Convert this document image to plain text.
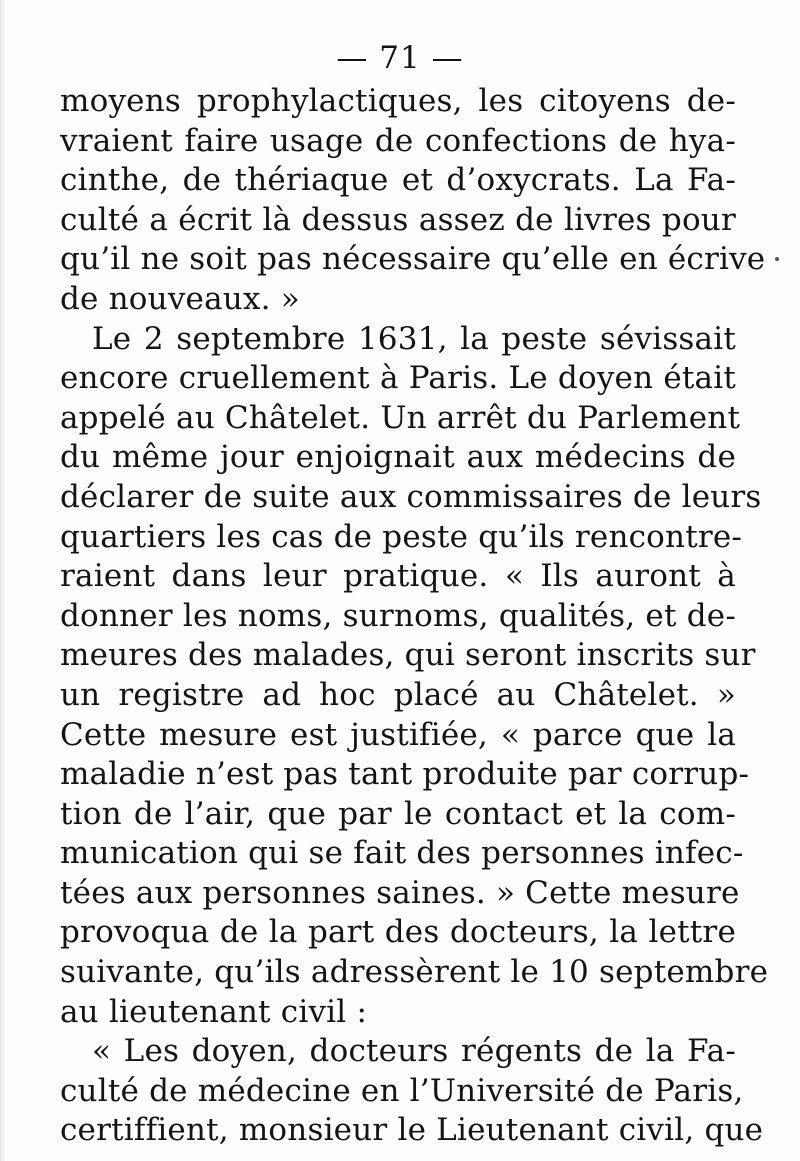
— 71 —
moyens prophylactiques, les citoyens de-
vraient faire usage de confections de hya-
cinthe, de thériaque et d’oxycrats. La Fa-
culté a écrit là dessus assez de livres pour
qu’il ne soit pas nécessaire qu’elle en écrive
de nouveaux. »
Le 2 septembre 1631, la peste sévissait
encore cruellement à Paris. Le doyen était
appelé au Châtelet. Un arrêt du Parlement
du même jour enjoignait aux médecins de
déclarer de suite aux commissaires de leurs
quartiers les cas de peste qu’ils rencontre-
raient dans leur pratique. « Ils auront à
donner les noms, surnoms, qualités, et de-
meures des malades, qui seront inscrits sur
un registre ad hoc placé au Châtelet. »
Cette mesure est justifiée, « parce que la
maladie n’est pas tant produite par corrup-
tion de l’air, que par le contact et la com-
munication qui se fait des personnes infec-
tées aux personnes saines. » Cette mesure
provoqua de la part des docteurs, la lettre
suivante, qu’ils adressèrent le 10 septembre
au lieutenant civil :
« Les doyen, docteurs régents de la Fa-
culté de médecine en l’Université de Paris,
certiffient, monsieur le Lieutenant civil, que
